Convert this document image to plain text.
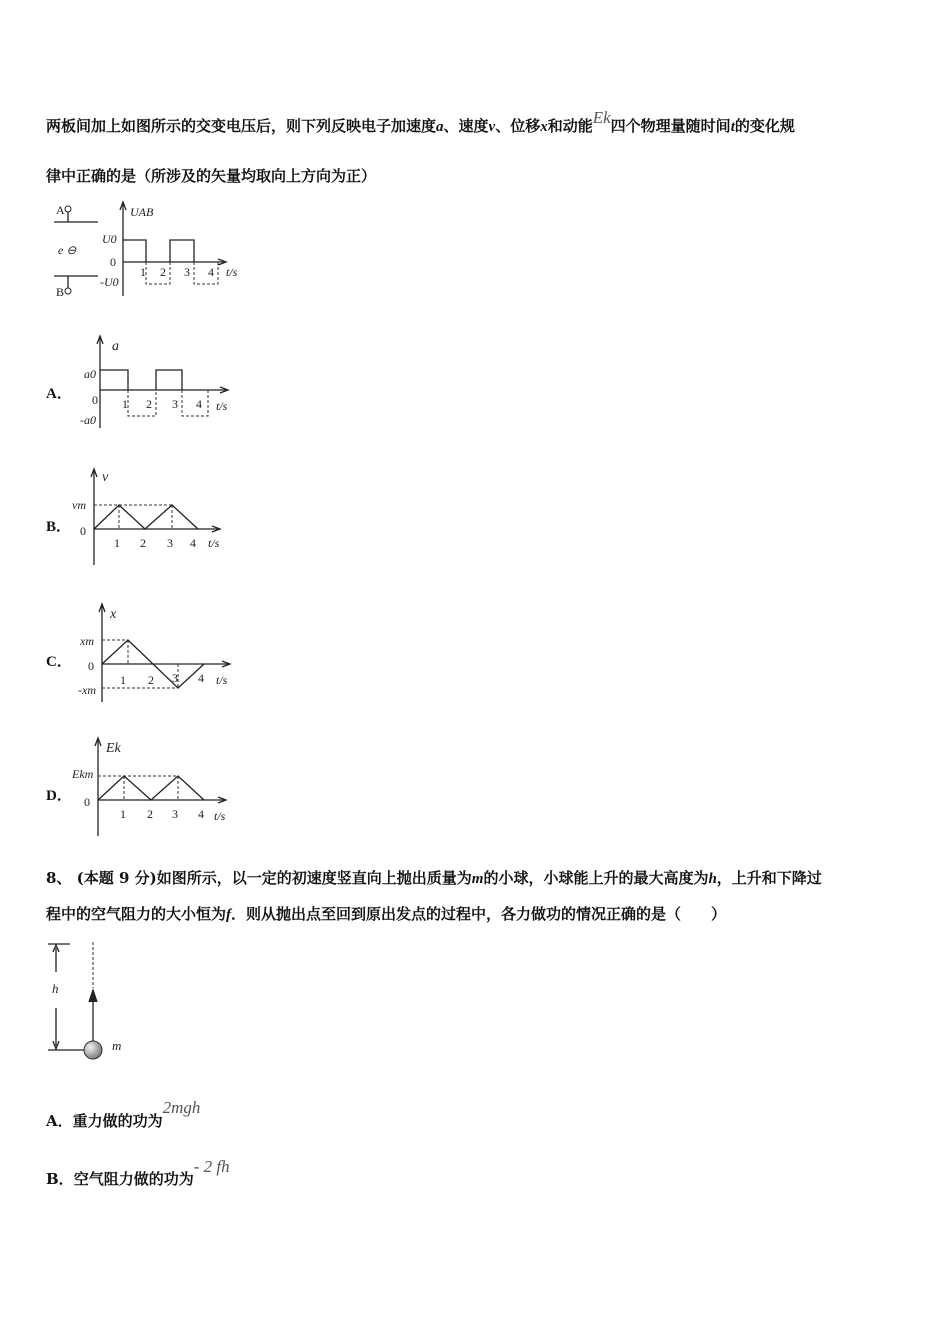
两板间加上如图所示的交变电压后，则下列反映电子加速度a、速度v、位移x和动能Ek四个物理量随时间t的变化规
律中正确的是（所涉及的矢量均取向上方向为正）
A
e ⊖
B
UAB
U0
0
-U0
1 2 3 4 t/s
A．
a
a0
0
-a0
1 2 3 4 t/s
B．
v
vm
0
1 2 3 4 t/s
C．
x
xm
0
-xm
1 2 3 4 t/s
D．
Ek
Ekm
0
1 2 3 4 t/s
8、 (本题 9 分)如图所示，以一定的初速度竖直向上抛出质量为m的小球，小球能上升的最大高度为h，上升和下降过
程中的空气阻力的大小恒为f．则从抛出点至回到原出发点的过程中，各力做功的情况正确的是（　　）
h
m
A．重力做的功为2mgh
B．空气阻力做的功为- 2 fh
